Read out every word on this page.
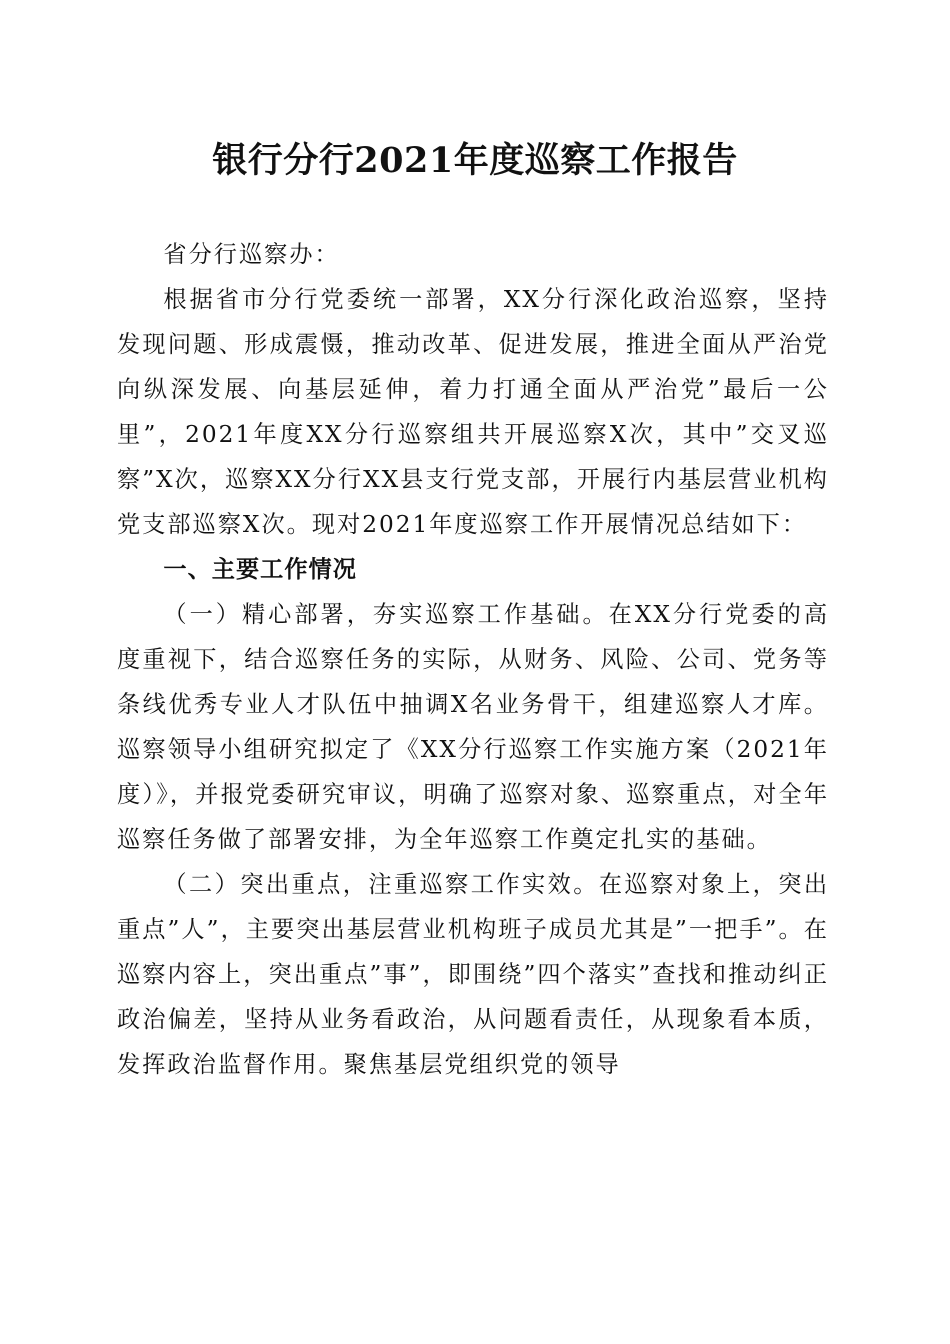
银行分行2021年度巡察工作报告

省分行巡察办：

根据省市分行党委统一部署，XX分行深化政治巡察，坚持发现问题、形成震慑，推动改革、促进发展，推进全面从严治党向纵深发展、向基层延伸，着力打通全面从严治党”最后一公里”，2021年度XX分行巡察组共开展巡察X次，其中”交叉巡察”X次，巡察XX分行XX县支行党支部，开展行内基层营业机构党支部巡察X次。现对2021年度巡察工作开展情况总结如下：

一、主要工作情况

（一）精心部署，夯实巡察工作基础。在XX分行党委的高度重视下，结合巡察任务的实际，从财务、风险、公司、党务等条线优秀专业人才队伍中抽调X名业务骨干，组建巡察人才库。巡察领导小组研究拟定了《XX分行巡察工作实施方案（2021年度）》，并报党委研究审议，明确了巡察对象、巡察重点，对全年巡察任务做了部署安排，为全年巡察工作奠定扎实的基础。

（二）突出重点，注重巡察工作实效。在巡察对象上，突出重点”人”，主要突出基层营业机构班子成员尤其是”一把手”。在巡察内容上，突出重点”事”，即围绕”四个落实”查找和推动纠正政治偏差，坚持从业务看政治，从问题看责任，从现象看本质，发挥政治监督作用。聚焦基层党组织党的领导
